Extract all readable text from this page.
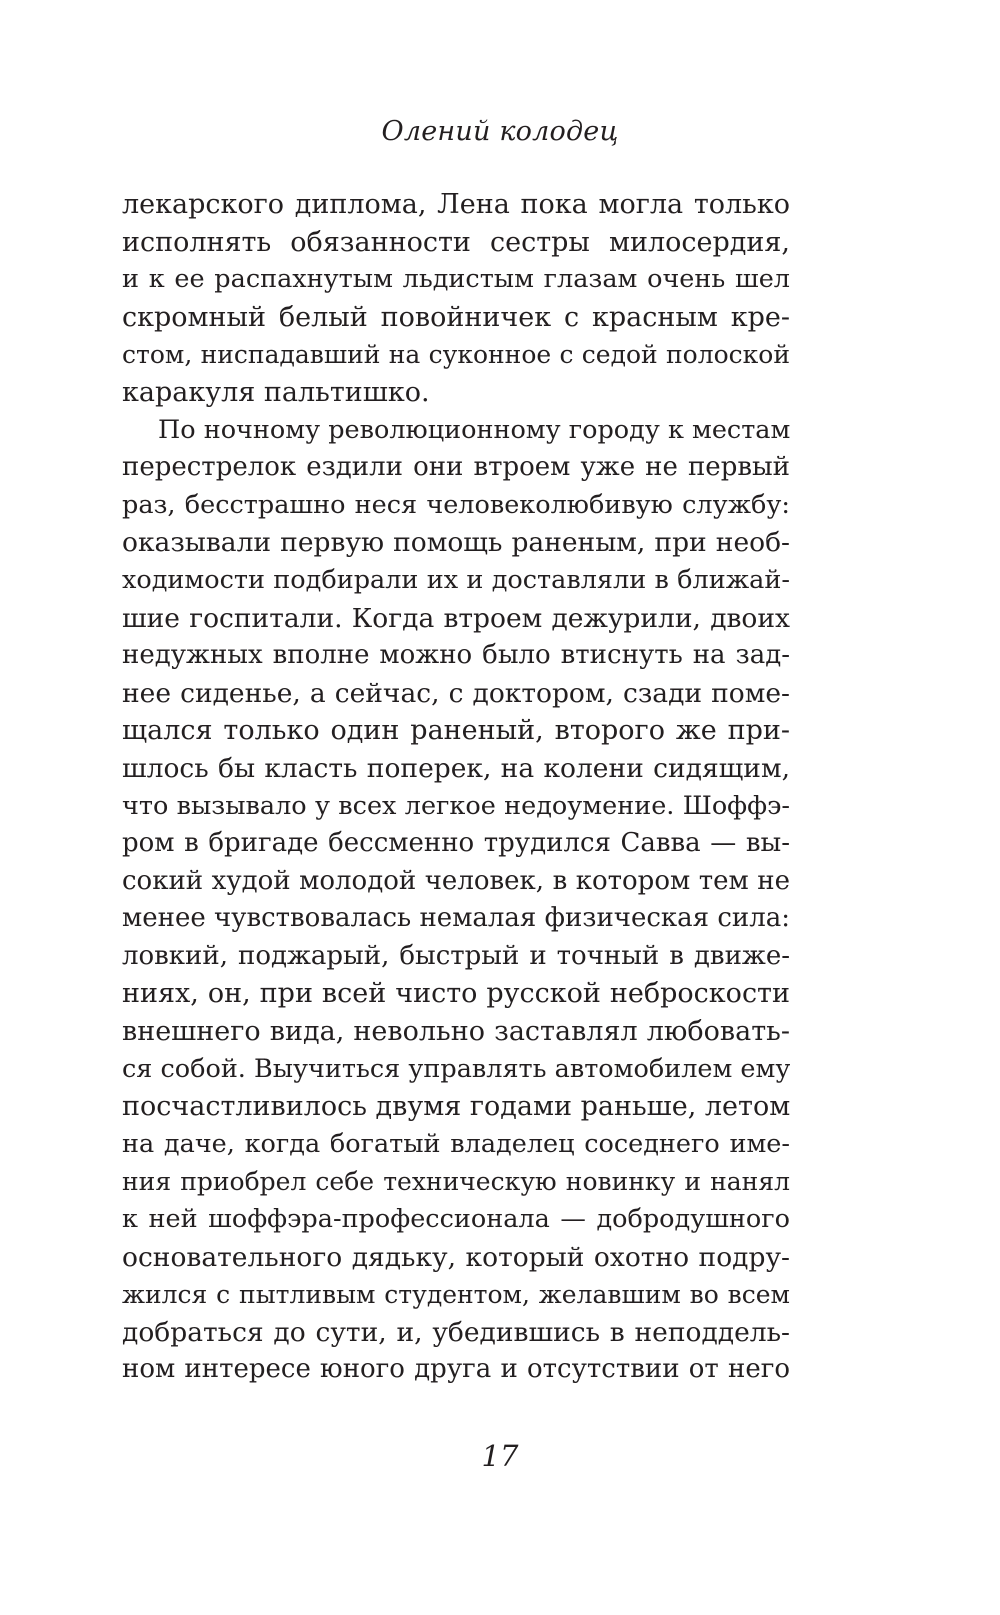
Олений колодец
лекарского диплома, Лена пока могла только
исполнять обязанности сестры милосердия,
и к ее распахнутым льдистым глазам очень шел
скромный белый повойничек с красным кре-
стом, ниспадавший на суконное с седой полоской
каракуля пальтишко.
По ночному революционному городу к местам
перестрелок ездили они втроем уже не первый
раз, бесстрашно неся человеколюбивую службу:
оказывали первую помощь раненым, при необ-
ходимости подбирали их и доставляли в ближай-
шие госпитали. Когда втроем дежурили, двоих
недужных вполне можно было втиснуть на зад-
нее сиденье, а сейчас, с доктором, сзади поме-
щался только один раненый, второго же при-
шлось бы класть поперек, на колени сидящим,
что вызывало у всех легкое недоумение. Шоффэ-
ром в бригаде бессменно трудился Савва — вы-
сокий худой молодой человек, в котором тем не
менее чувствовалась немалая физическая сила:
ловкий, поджарый, быстрый и точный в движе-
ниях, он, при всей чисто русской неброскости
внешнего вида, невольно заставлял любовать-
ся собой. Выучиться управлять автомобилем ему
посчастливилось двумя годами раньше, летом
на даче, когда богатый владелец соседнего име-
ния приобрел себе техническую новинку и нанял
к ней шоффэра-профессионала — добродушного
основательного дядьку, который охотно подру-
жился с пытливым студентом, желавшим во всем
добраться до сути, и, убедившись в неподдель-
ном интересе юного друга и отсутствии от него
17
